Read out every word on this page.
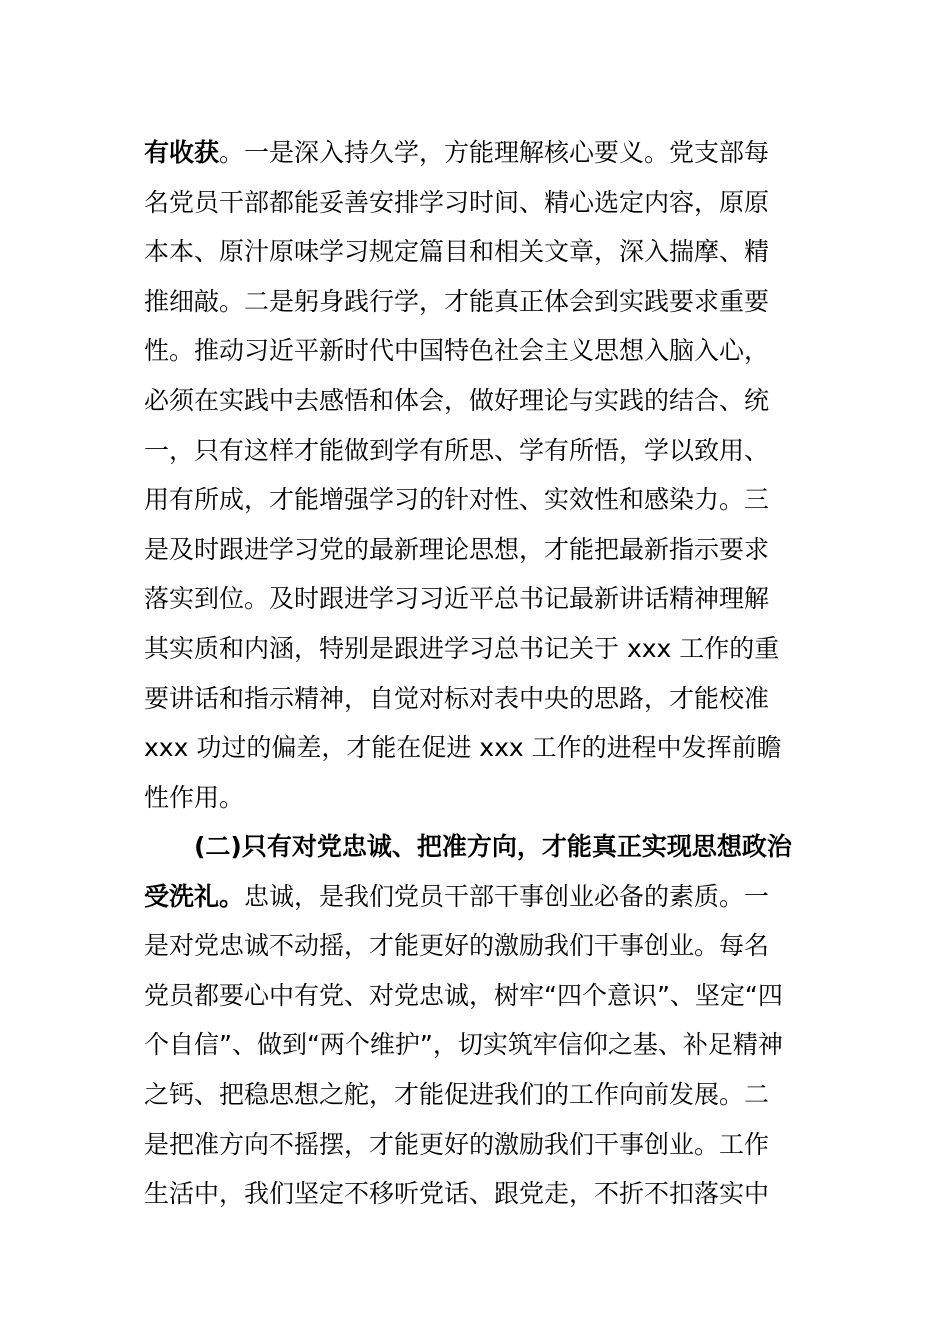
有收获。一是深入持久学，方能理解核心要义。党支部每
名党员干部都能妥善安排学习时间、精心选定内容，原原
本本、原汁原味学习规定篇目和相关文章，深入揣摩、精
推细敲。二是躬身践行学，才能真正体会到实践要求重要
性。推动习近平新时代中国特色社会主义思想入脑入心，
必须在实践中去感悟和体会，做好理论与实践的结合、统
一，只有这样才能做到学有所思、学有所悟，学以致用、
用有所成，才能增强学习的针对性、实效性和感染力。三
是及时跟进学习党的最新理论思想，才能把最新指示要求
落实到位。及时跟进学习习近平总书记最新讲话精神理解
其实质和内涵，特别是跟进学习总书记关于 xxx 工作的重
要讲话和指示精神，自觉对标对表中央的思路，才能校准
xxx 功过的偏差，才能在促进 xxx 工作的进程中发挥前瞻
性作用。
(二)只有对党忠诚、把准方向，才能真正实现思想政治
受洗礼。忠诚，是我们党员干部干事创业必备的素质。一
是对党忠诚不动摇，才能更好的激励我们干事创业。每名
党员都要心中有党、对党忠诚，树牢“四个意识”、坚定“四
个自信”、做到“两个维护”，切实筑牢信仰之基、补足精神
之钙、把稳思想之舵，才能促进我们的工作向前发展。二
是把准方向不摇摆，才能更好的激励我们干事创业。工作
生活中，我们坚定不移听党话、跟党走，不折不扣落实中
